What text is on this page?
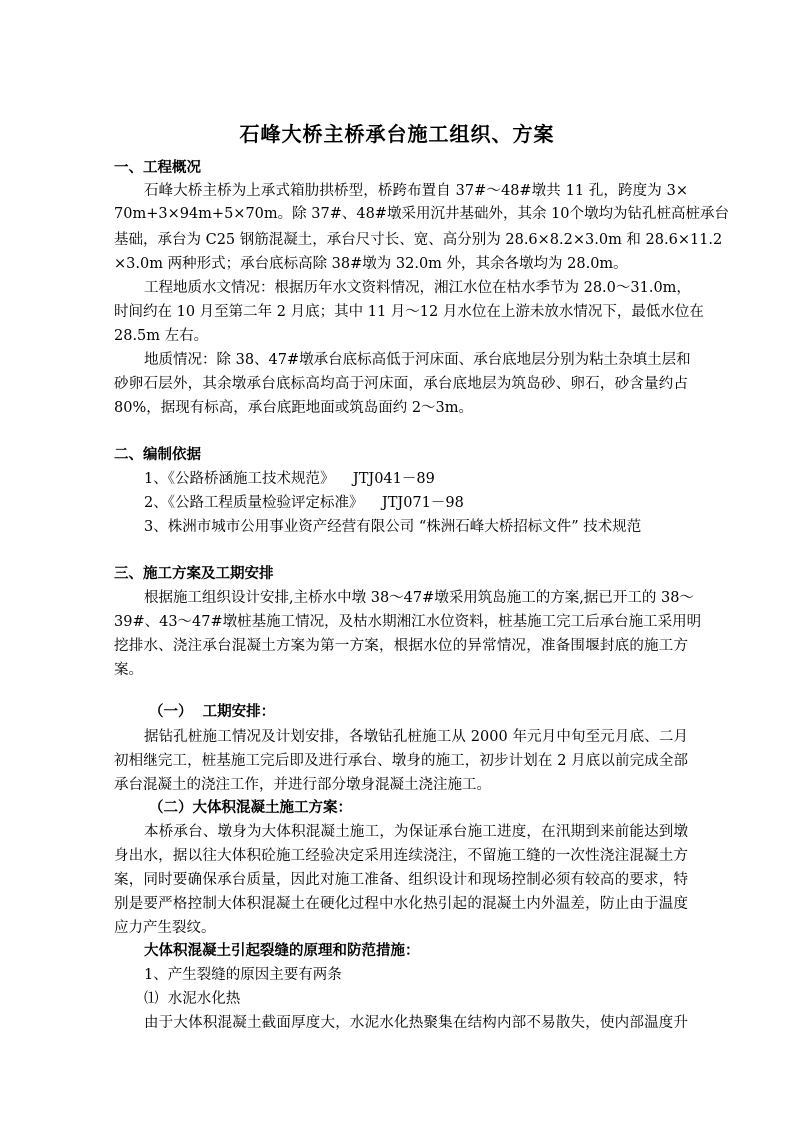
石峰大桥主桥承台施工组织、方案
一、工程概况
石峰大桥主桥为上承式箱肋拱桥型，桥跨布置自 37#～48#墩共 11 孔，跨度为 3×
70m+3×94m+5×70m。除 37#、48#墩采用沉井基础外，其余 10个墩均为钻孔桩高桩承台
基础，承台为 C25 钢筋混凝土，承台尺寸长、宽、高分别为 28.6×8.2×3.0m 和 28.6×11.2
×3.0m 两种形式；承台底标高除 38#墩为 32.0m 外，其余各墩均为 28.0m。
工程地质水文情况：根据历年水文资料情况，湘江水位在枯水季节为 28.0～31.0m，
时间约在 10 月至第二年 2 月底；其中 11 月～12 月水位在上游未放水情况下，最低水位在
28.5m 左右。
地质情况：除 38、47#墩承台底标高低于河床面、承台底地层分别为粘土杂填土层和
砂卵石层外，其余墩承台底标高均高于河床面，承台底地层为筑岛砂、卵石，砂含量约占
80%，据现有标高，承台底距地面或筑岛面约 2～3m。
二、编制依据
1、《公路桥涵施工技术规范》    JTJ041－89
2、《公路工程质量检验评定标准》    JTJ071－98
3、株洲市城市公用事业资产经营有限公司 “株洲石峰大桥招标文件” 技术规范
三、施工方案及工期安排
根据施工组织设计安排,主桥水中墩 38～47#墩采用筑岛施工的方案,据已开工的 38～
39#、43～47#墩桩基施工情况，及枯水期湘江水位资料，桩基施工完工后承台施工采用明
挖排水、浇注承台混凝土方案为第一方案，根据水位的异常情况，准备围堰封底的施工方
案。
（一）  工期安排：
据钻孔桩施工情况及计划安排，各墩钻孔桩施工从 2000 年元月中旬至元月底、二月
初相继完工，桩基施工完后即及进行承台、墩身的施工，初步计划在 2 月底以前完成全部
承台混凝土的浇注工作，并进行部分墩身混凝土浇注施工。
（二）大体积混凝土施工方案：
本桥承台、墩身为大体积混凝土施工，为保证承台施工进度，在汛期到来前能达到墩
身出水，据以往大体积砼施工经验决定采用连续浇注，不留施工缝的一次性浇注混凝土方
案，同时要确保承台质量，因此对施工准备、组织设计和现场控制必须有较高的要求，特
别是要严格控制大体积混凝土在硬化过程中水化热引起的混凝土内外温差，防止由于温度
应力产生裂纹。
大体积混凝土引起裂缝的原理和防范措施：
1、产生裂缝的原因主要有两条
⑴  水泥水化热
由于大体积混凝土截面厚度大，水泥水化热聚集在结构内部不易散失，使内部温度升
